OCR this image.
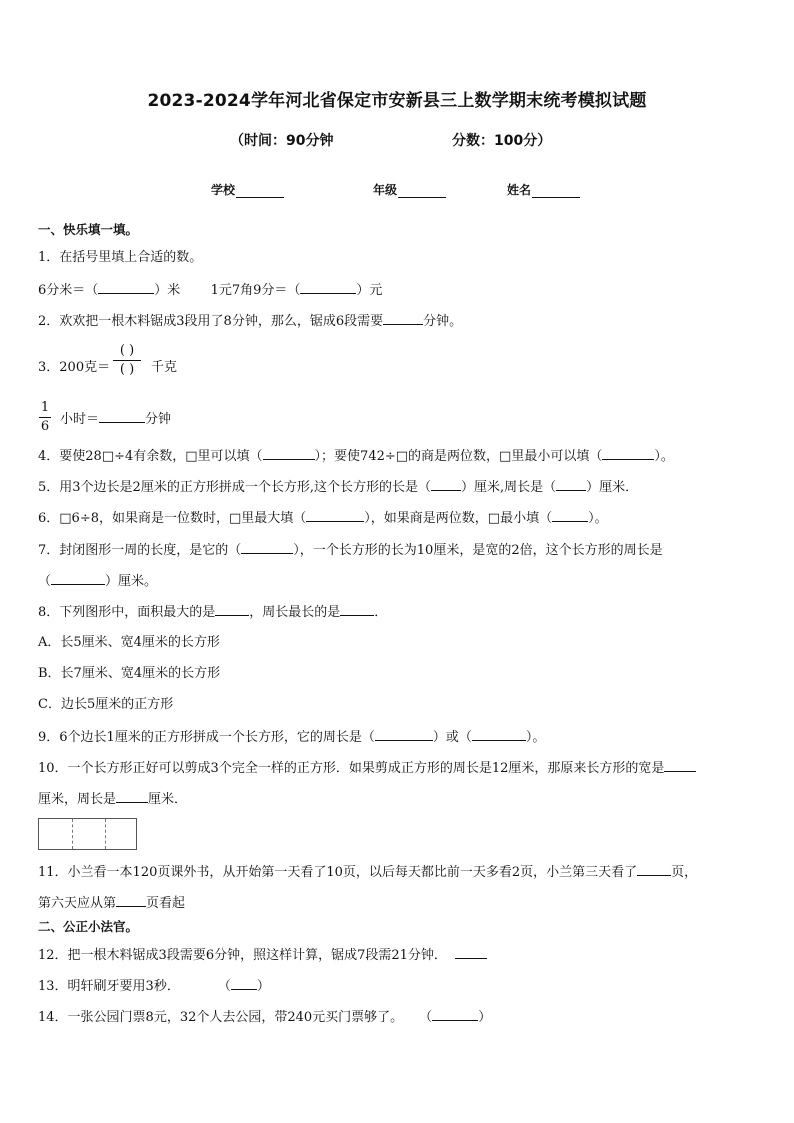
2023-2024学年河北省保定市安新县三上数学期末统考模拟试题
（时间：90分钟	分数：100分）
学校	年级	姓名
一、快乐填一填。
1．在括号里填上合适的数。
6分米＝（	）米 1元7角9分＝（	）元
2．欢欢把一根木料锯成3段用了8分钟，那么，锯成6段需要	分钟。
3．200克＝
( )
( )	千克
1
6 小时＝	分钟
4．要使28□÷4有余数，□里可以填（	）；要使742÷□的商是两位数，□里最小可以填（	）。
5．用3个边长是2厘米的正方形拼成一个长方形,这个长方形的长是（ ）厘米,周长是（ ）厘米．
6．□6÷8，如果商是一位数时，□里最大填（	），如果商是两位数，□最小填（	）。
7．封闭图形一周的长度，是它的（	），一个长方形的长为10厘米，是宽的2倍，这个长方形的周长是
（	）厘米。
8．下列图形中，面积最大的是	，周长最长的是	．
A．长5厘米、宽4厘米的长方形
B．长7厘米、宽4厘米的长方形
C．边长5厘米的正方形
9．6个边长1厘米的正方形拼成一个长方形，它的周长是（	）或（	）。
10．一个长方形正好可以剪成3个完全一样的正方形．如果剪成正方形的周长是12厘米，那原来长方形的宽是
厘米，周长是 厘米．
11．小兰看一本120页课外书，从开始第一天看了10页，以后每天都比前一天多看2页，小兰第三天看了	页，
第六天应从第 页看起
二、公正小法官。
12．把一根木料锯成3段需要6分钟，照这样计算，锯成7段需21分钟．
13．明轩刷牙要用3秒．	（ ）
14．一张公园门票8元，32个人去公园，带240元买门票够了。 （	）
